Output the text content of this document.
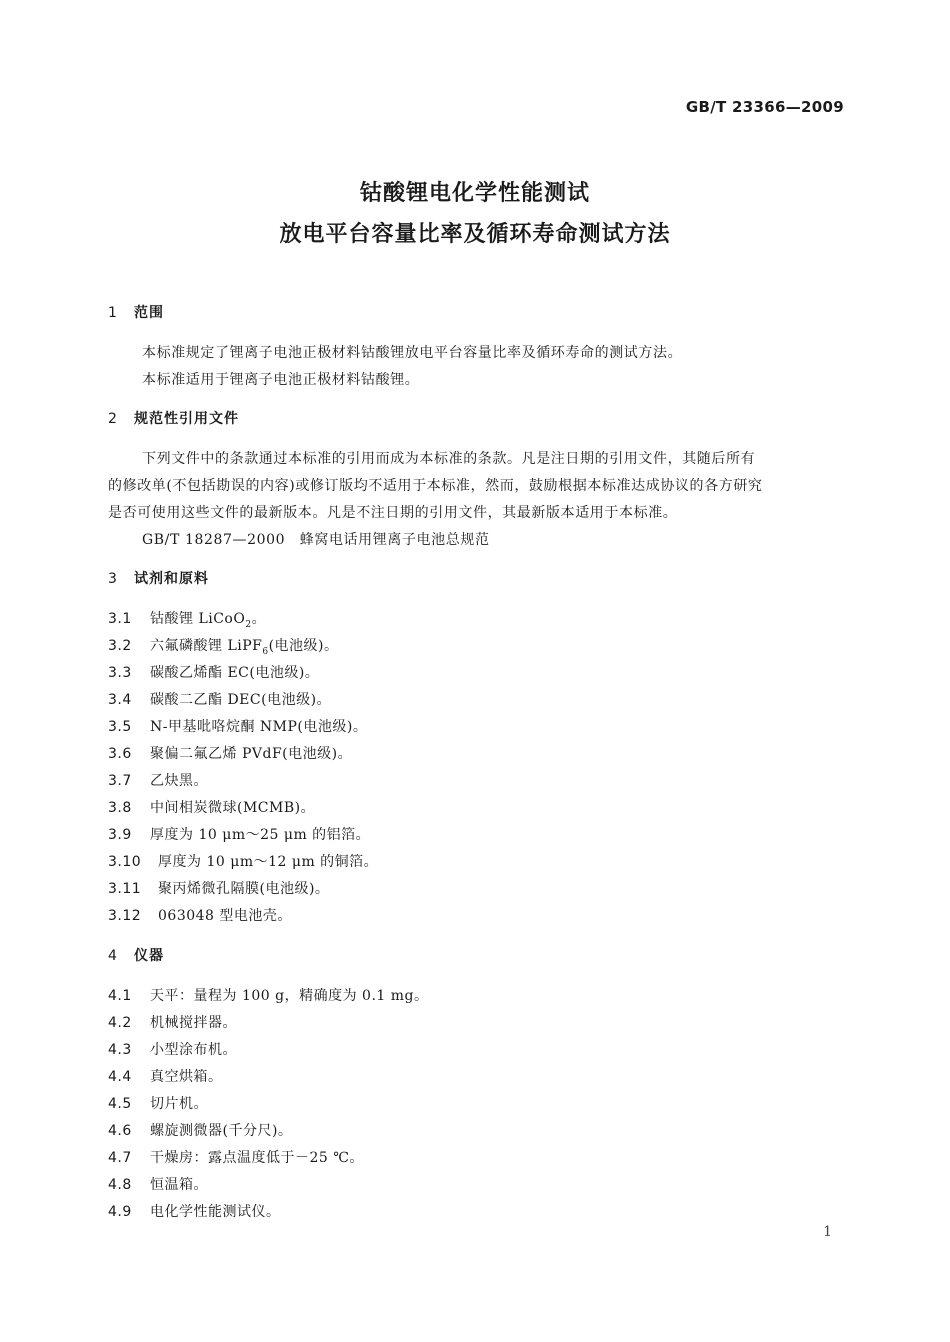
GB/T 23366—2009
钴酸锂电化学性能测试
放电平台容量比率及循环寿命测试方法
1 范围
本标准规定了锂离子电池正极材料钴酸锂放电平台容量比率及循环寿命的测试方法。
本标准适用于锂离子电池正极材料钴酸锂。
2 规范性引用文件
下列文件中的条款通过本标准的引用而成为本标准的条款。凡是注日期的引用文件，其随后所有
的修改单(不包括勘误的内容)或修订版均不适用于本标准，然而，鼓励根据本标准达成协议的各方研究
是否可使用这些文件的最新版本。凡是不注日期的引用文件，其最新版本适用于本标准。
GB/T 18287—2000　蜂窝电话用锂离子电池总规范
3 试剂和原料
3.1 钴酸锂 LiCoO$_2$。
3.2 六氟磷酸锂 LiPF$_6$(电池级)。
3.3 碳酸乙烯酯 EC(电池级)。
3.4 碳酸二乙酯 DEC(电池级)。
3.5 N-甲基吡咯烷酮 NMP(电池级)。
3.6 聚偏二氟乙烯 PVdF(电池级)。
3.7 乙炔黑。
3.8 中间相炭微球(MCMB)。
3.9 厚度为 10 μm～25 μm 的铝箔。
3.10 厚度为 10 μm～12 μm 的铜箔。
3.11 聚丙烯微孔隔膜(电池级)。
3.12 063048 型电池壳。
4 仪器
4.1 天平：量程为 100 g，精确度为 0.1 mg。
4.2 机械搅拌器。
4.3 小型涂布机。
4.4 真空烘箱。
4.5 切片机。
4.6 螺旋测微器(千分尺)。
4.7 干燥房：露点温度低于－25 ℃。
4.8 恒温箱。
4.9 电化学性能测试仪。
1
